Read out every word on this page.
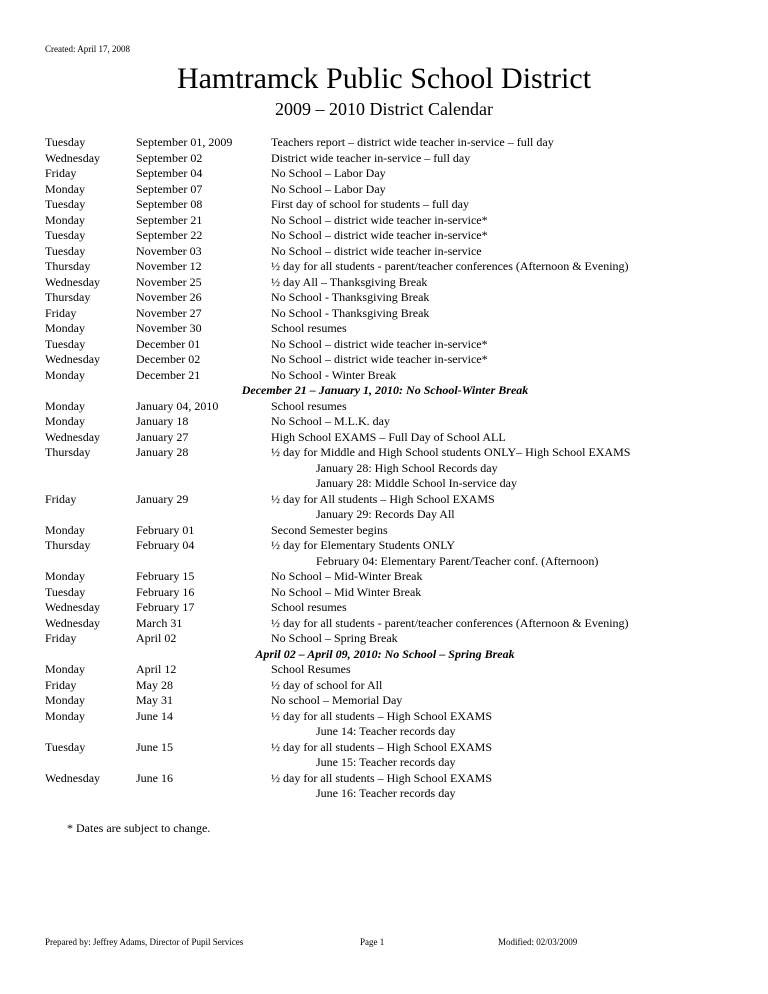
Created: April 17, 2008
Hamtramck Public School District
2009 – 2010 District Calendar
Tuesday	September 01, 2009	Teachers report – district wide teacher in-service – full day
Wednesday	September 02	District wide teacher in-service – full day
Friday	September 04	No School – Labor Day
Monday	September 07	No School – Labor Day
Tuesday	September 08	First day of school for students – full day
Monday	September 21	No School – district wide teacher in-service*
Tuesday	September 22	No School – district wide teacher in-service*
Tuesday	November 03	No School – district wide teacher in-service
Thursday	November 12	½ day for all students - parent/teacher conferences (Afternoon & Evening)
Wednesday	November 25	½ day All – Thanksgiving Break
Thursday	November 26	No School - Thanksgiving Break
Friday	November 27	No School - Thanksgiving Break
Monday	November 30	School resumes
Tuesday	December 01	No School – district wide teacher in-service*
Wednesday	December 02	No School – district wide teacher in-service*
Monday	December 21	No School - Winter Break
December 21 – January 1, 2010: No School-Winter Break
Monday	January 04, 2010	School resumes
Monday	January 18	No School – M.L.K. day
Wednesday	January 27	High School EXAMS – Full Day of School ALL
Thursday	January 28	½ day for Middle and High School students ONLY– High School EXAMS
January 28: High School Records day
January 28: Middle School In-service day
Friday	January 29	½ day for All students – High School EXAMS
January 29: Records Day All
Monday	February 01	Second Semester begins
Thursday	February 04	½ day for Elementary Students ONLY
February 04: Elementary Parent/Teacher conf. (Afternoon)
Monday	February 15	No School – Mid-Winter Break
Tuesday	February 16	No School – Mid Winter Break
Wednesday	February 17	School resumes
Wednesday	March 31	½ day for all students - parent/teacher conferences (Afternoon & Evening)
Friday	April 02	No School – Spring Break
April 02 – April 09, 2010: No School – Spring Break
Monday	April 12	School Resumes
Friday	May 28	½ day of school for All
Monday	May 31	No school – Memorial Day
Monday	June 14	½ day for all students – High School EXAMS
June 14: Teacher records day
Tuesday	June 15	½ day for all students – High School EXAMS
June 15: Teacher records day
Wednesday	June 16	½ day for all students – High School EXAMS
June 16: Teacher records day
* Dates are subject to change.
Prepared by: Jeffrey Adams, Director of Pupil Services	Page 1	Modified: 02/03/2009
